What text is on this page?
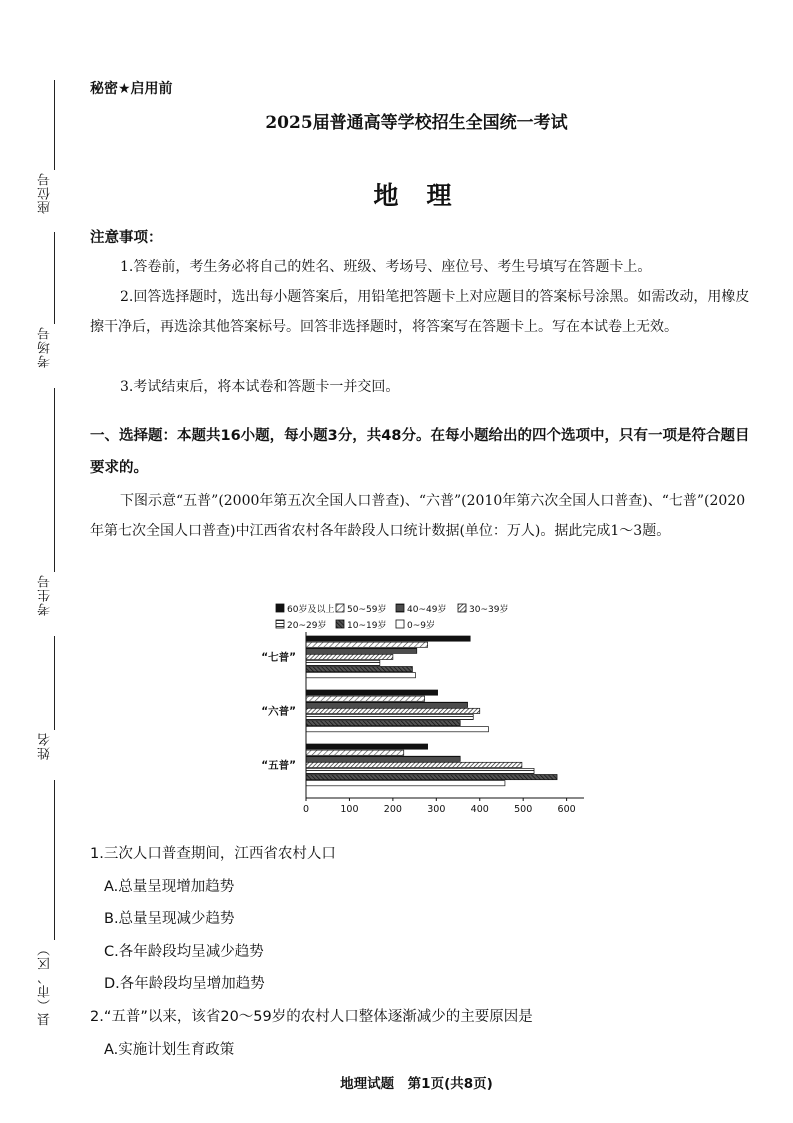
座位号
考场号
考生号
姓名
县（市、区）
秘密★启用前
2025届普通高等学校招生全国统一考试
地理
注意事项：
1.答卷前，考生务必将自己的姓名、班级、考场号、座位号、考生号填写在答题卡上。
2.回答选择题时，选出每小题答案后，用铅笔把答题卡上对应题目的答案标号涂黑。如需改动，用橡皮擦干净后，再选涂其他答案标号。回答非选择题时，将答案写在答题卡上。写在本试卷上无效。
3.考试结束后，将本试卷和答题卡一并交回。
一、选择题：本题共16小题，每小题3分，共48分。在每小题给出的四个选项中，只有一项是符合题目要求的。
下图示意“五普”(2000年第五次全国人口普查)、“六普”(2010年第六次全国人口普查)、“七普”(2020年第七次全国人口普查)中江西省农村各年龄段人口统计数据(单位：万人)。据此完成1～3题。
60岁及以上 50~59岁 40~49岁	30~39岁
20~29岁 10~19岁 0~9岁
“七普”
“六普”
“五普”
0	100	200	300	400	500	600
1.三次人口普查期间，江西省农村人口
A.总量呈现增加趋势
B.总量呈现减少趋势
C.各年龄段均呈减少趋势
D.各年龄段均呈增加趋势
2.“五普”以来，该省20～59岁的农村人口整体逐渐减少的主要原因是
A.实施计划生育政策
地理试题　第1页(共8页)
